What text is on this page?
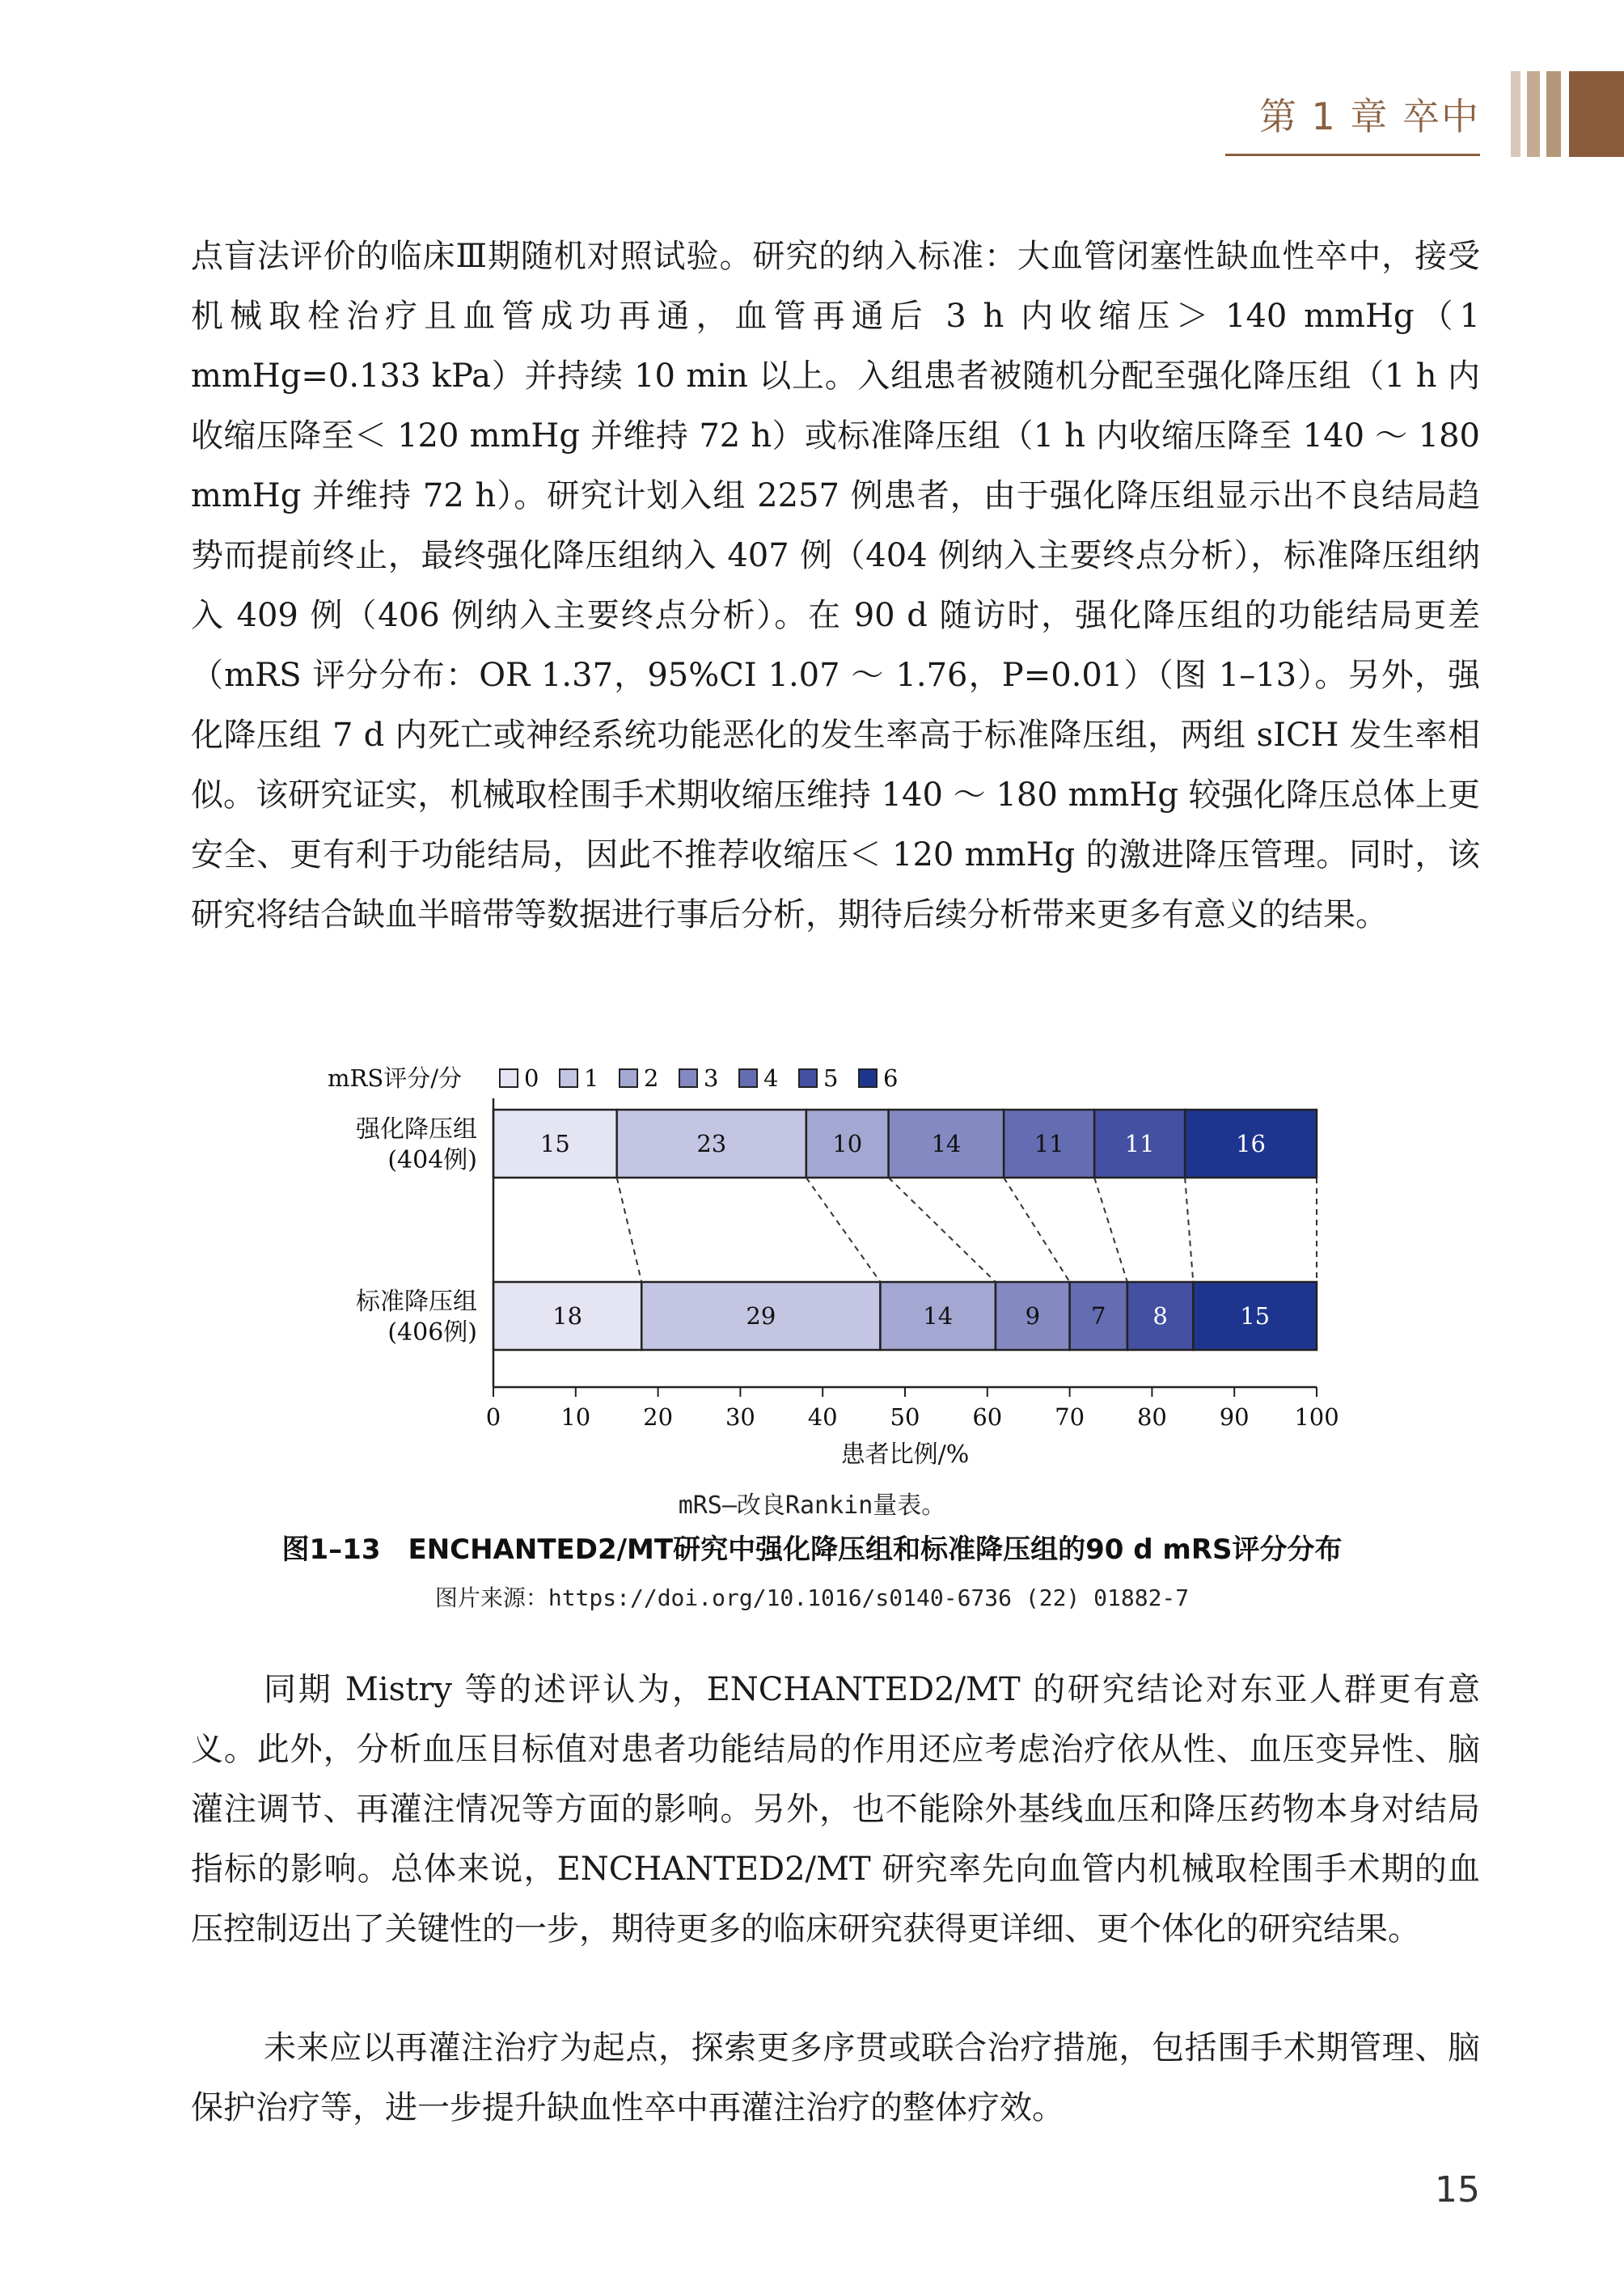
第 1 章 卒中
点盲法评价的临床Ⅲ期随机对照试验。研究的纳入标准：大血管闭塞性缺血性卒中，接受机械取栓治疗且血管成功再通，血管再通后 3 h 内收缩压＞ 140 mmHg（1 mmHg=0.133 kPa）并持续 10 min 以上。入组患者被随机分配至强化降压组（1 h 内收缩压降至＜ 120 mmHg 并维持 72 h）或标准降压组（1 h 内收缩压降至 140 ～ 180 mmHg 并维持 72 h）。研究计划入组 2257 例患者，由于强化降压组显示出不良结局趋势而提前终止，最终强化降压组纳入 407 例（404 例纳入主要终点分析），标准降压组纳入 409 例（406 例纳入主要终点分析）。在 90 d 随访时，强化降压组的功能结局更差（mRS 评分分布：OR 1.37，95%CI 1.07 ～ 1.76，P=0.01）（图 1–13）。另外，强化降压组 7 d 内死亡或神经系统功能恶化的发生率高于标准降压组，两组 sICH 发生率相似。该研究证实，机械取栓围手术期收缩压维持 140 ～ 180 mmHg 较强化降压总体上更安全、更有利于功能结局，因此不推荐收缩压＜ 120 mmHg 的激进降压管理。同时，该研究将结合缺血半暗带等数据进行事后分析，期待后续分析带来更多有意义的结果。
mRS评分/分	0 1 2 3 4 5 6
强化降压组
(404例)
15	23	10	14	11	11	16
标准降压组
(406例)
18	29	14	9 7 8	15
0	10 20 30 40 50 60 70 80 90 100
患者比例/%
mRS—改良Rankin量表。
图1–13　ENCHANTED2/MT研究中强化降压组和标准降压组的90 d mRS评分分布
图片来源：https://doi.org/10.1016/s0140-6736 (22) 01882-7
同期 Mistry 等的述评认为，ENCHANTED2/MT 的研究结论对东亚人群更有意义。此外，分析血压目标值对患者功能结局的作用还应考虑治疗依从性、血压变异性、脑灌注调节、再灌注情况等方面的影响。另外，也不能除外基线血压和降压药物本身对结局指标的影响。总体来说，ENCHANTED2/MT 研究率先向血管内机械取栓围手术期的血压控制迈出了关键性的一步，期待更多的临床研究获得更详细、更个体化的研究结果。
未来应以再灌注治疗为起点，探索更多序贯或联合治疗措施，包括围手术期管理、脑保护治疗等，进一步提升缺血性卒中再灌注治疗的整体疗效。
15
